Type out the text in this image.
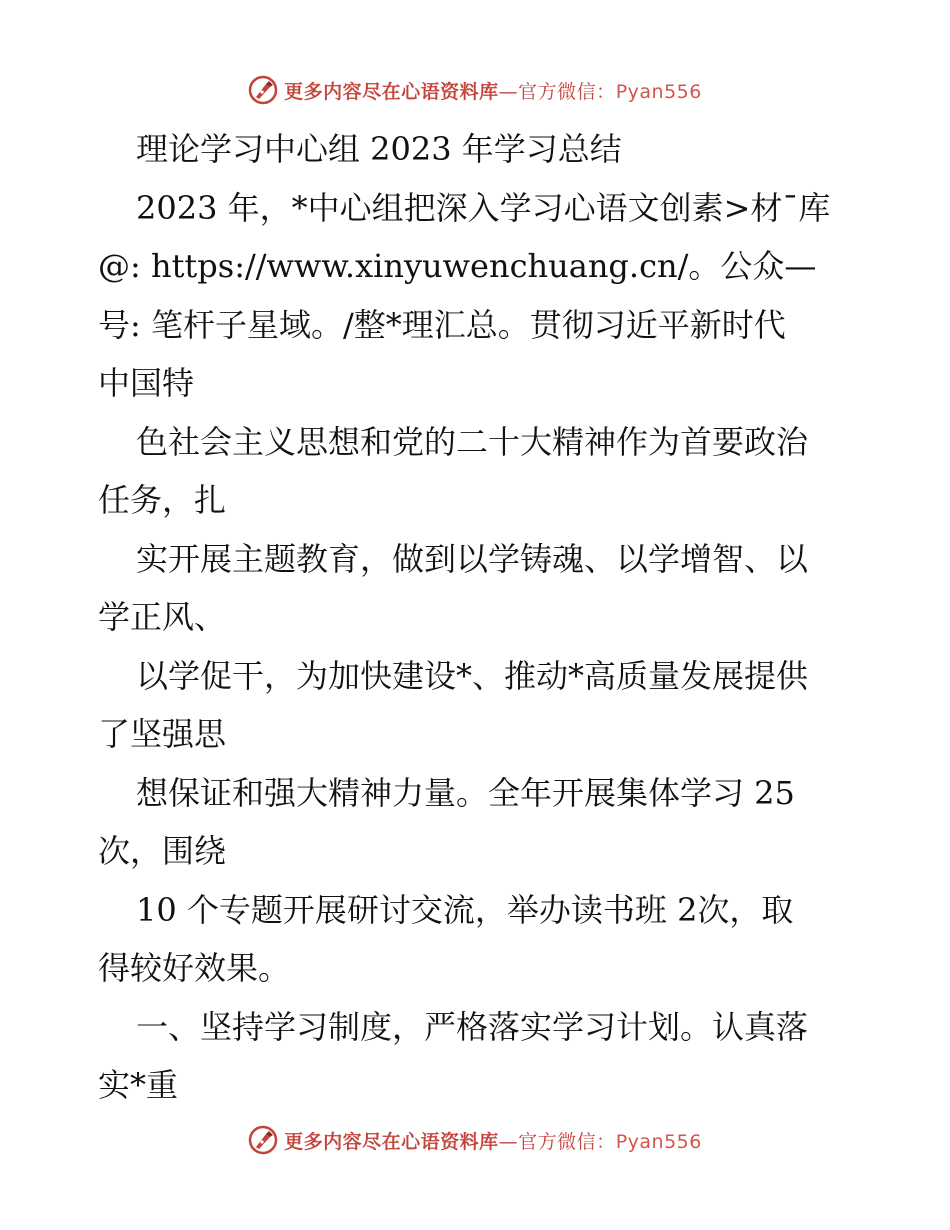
更多内容尽在心语资料库—官方微信：Pyan556
理论学习中心组 2023 年学习总结
2023 年，*中心组把深入学习心语文创素>材¯库
@: https://www.xinyuwenchuang.cn/。公众—
号: 笔杆子星域。/整*理汇总。贯彻习近平新时代
中国特
色社会主义思想和党的二十大精神作为首要政治
任务，扎
实开展主题教育，做到以学铸魂、以学增智、以
学正风、
以学促干，为加快建设*、推动*高质量发展提供
了坚强思
想保证和强大精神力量。全年开展集体学习 25
次，围绕
10 个专题开展研讨交流，举办读书班 2次，取
得较好效果。
一、坚持学习制度，严格落实学习计划。认真落
实*重
更多内容尽在心语资料库—官方微信：Pyan556
